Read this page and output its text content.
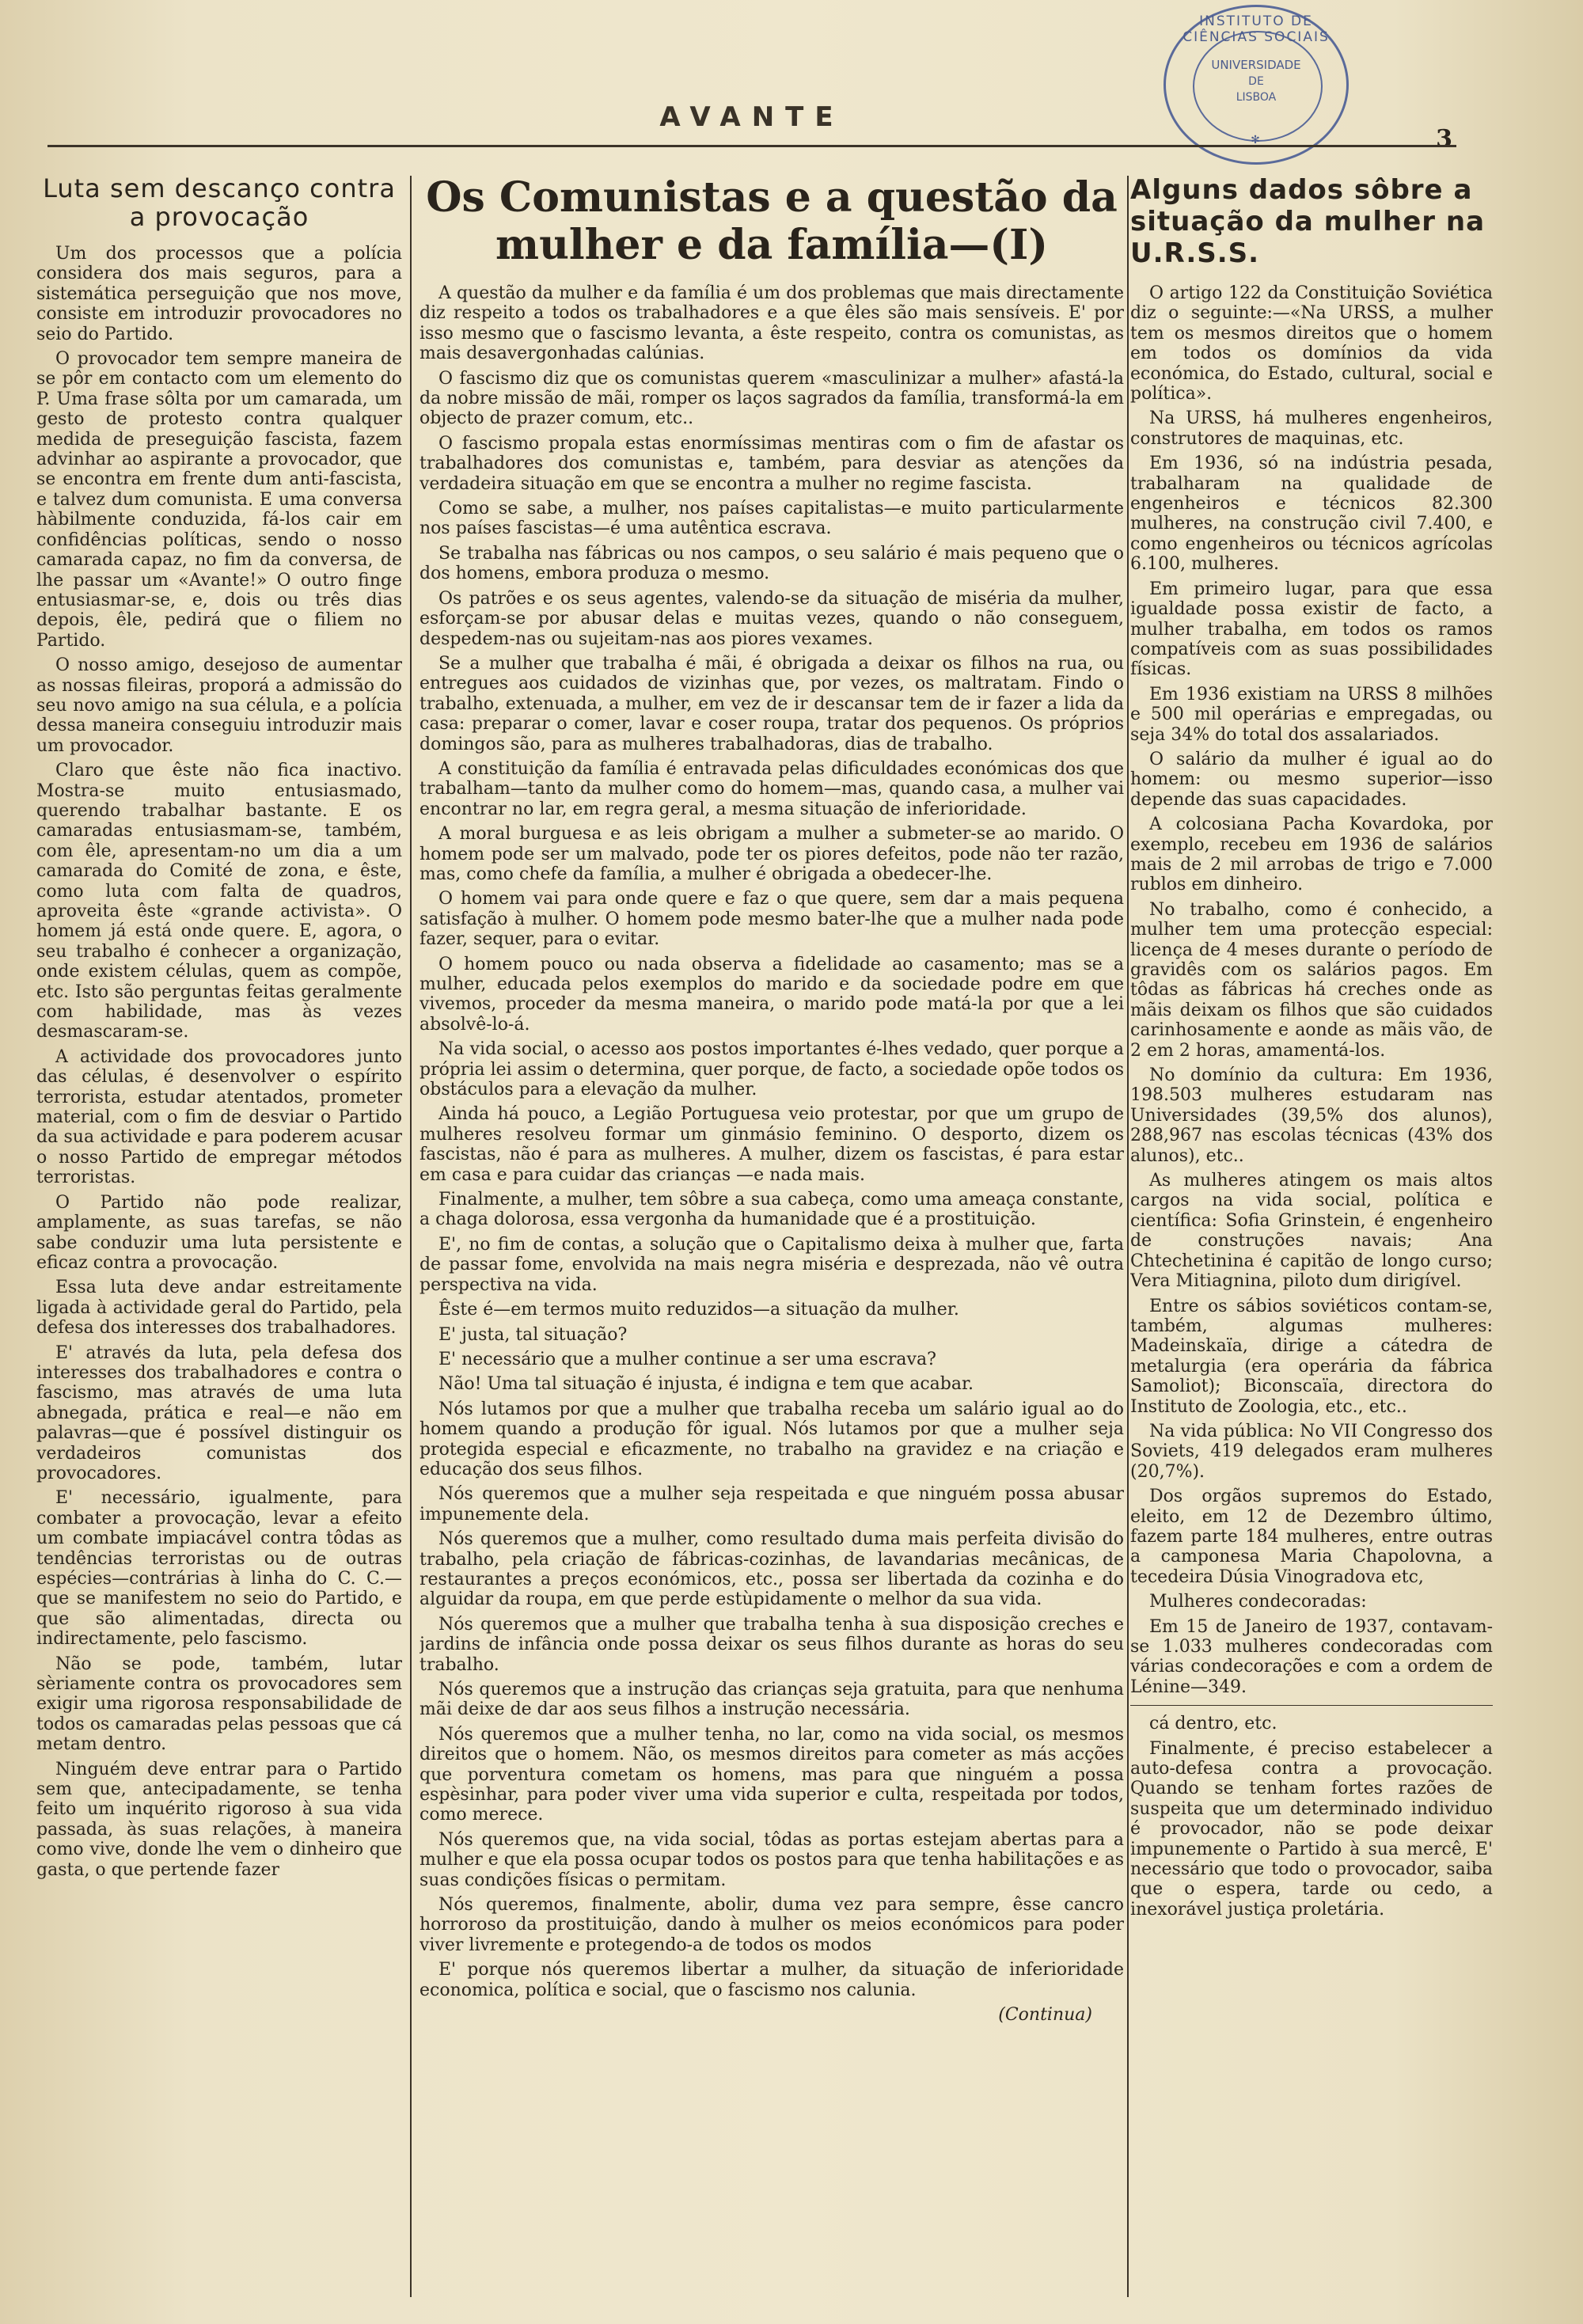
INSTITUTO DE CIÊNCIAS SOCIAIS
UNIVERSIDADE
DE
LISBOA
✻
AVANTE
3
Luta sem descanço contra a provocação

Um dos processos que a polícia considera dos mais seguros, para a sistemática perseguição que nos move, consiste em introduzir provocadores no seio do Partido.

O provocador tem sempre maneira de se pôr em contacto com um elemento do P. Uma frase sôlta por um camarada, um gesto de protesto contra qualquer medida de preseguição fascista, fazem advinhar ao aspirante a provocador, que se encontra em frente dum anti-fascista, e talvez dum comunista. E uma conversa hàbilmente conduzida, fá-los cair em confidências políticas, sendo o nosso camarada capaz, no fim da conversa, de lhe passar um «Avante!» O outro finge entusiasmar-se, e, dois ou três dias depois, êle, pedirá que o filiem no Partido.

O nosso amigo, desejoso de aumentar as nossas fileiras, proporá a admissão do seu novo amigo na sua célula, e a polícia dessa maneira conseguiu introduzir mais um provocador.

Claro que êste não fica inactivo. Mostra-se muito entusiasmado, querendo trabalhar bastante. E os camaradas entusiasmam-se, também, com êle, apresentam-no um dia a um camarada do Comité de zona, e êste, como luta com falta de quadros, aproveita êste «grande activista». O homem já está onde quere. E, agora, o seu trabalho é conhecer a organização, onde existem células, quem as compõe, etc. Isto são perguntas feitas geralmente com habilidade, mas às vezes desmascaram-se.

A actividade dos provocadores junto das células, é desenvolver o espírito terrorista, estudar atentados, prometer material, com o fim de desviar o Partido da sua actividade e para poderem acusar o nosso Partido de empregar métodos terroristas.

O Partido não pode realizar, amplamente, as suas tarefas, se não sabe conduzir uma luta persistente e eficaz contra a provocação.

Essa luta deve andar estreitamente ligada à actividade geral do Partido, pela defesa dos interesses dos trabalhadores.

E' através da luta, pela defesa dos interesses dos trabalhadores e contra o fascismo, mas através de uma luta abnegada, prática e real—e não em palavras—que é possível distinguir os verdadeiros comunistas dos provocadores.

E' necessário, igualmente, para combater a provocação, levar a efeito um combate impiacável contra tôdas as tendências terroristas ou de outras espécies—contrárias à linha do C. C.—que se manifestem no seio do Partido, e que são alimentadas, directa ou indirectamente, pelo fascismo.

Não se pode, também, lutar sèriamente contra os provocadores sem exigir uma rigorosa responsabilidade de todos os camaradas pelas pessoas que cá metam dentro.

Ninguém deve entrar para o Partido sem que, antecipadamente, se tenha feito um inquérito rigoroso à sua vida passada, às suas relações, à maneira como vive, donde lhe vem o dinheiro que gasta, o que pertende fazer

Os Comunistas e a questão da mulher e da família—(I)

A questão da mulher e da família é um dos problemas que mais directamente diz respeito a todos os trabalhadores e a que êles são mais sensíveis. E' por isso mesmo que o fascismo levanta, a êste respeito, contra os comunistas, as mais desavergonhadas calúnias.

O fascismo diz que os comunistas querem «masculinizar a mulher» afastá-la da nobre missão de mãi, romper os laços sagrados da família, transformá-la em objecto de prazer comum, etc..

O fascismo propala estas enormíssimas mentiras com o fim de afastar os trabalhadores dos comunistas e, também, para desviar as atenções da verdadeira situação em que se encontra a mulher no regime fascista.

Como se sabe, a mulher, nos países capitalistas—e muito particularmente nos países fascistas—é uma autêntica escrava.

Se trabalha nas fábricas ou nos campos, o seu salário é mais pequeno que o dos homens, embora produza o mesmo.

Os patrões e os seus agentes, valendo-se da situação de miséria da mulher, esforçam-se por abusar delas e muitas vezes, quando o não conseguem, despedem-nas ou sujeitam-nas aos piores vexames.

Se a mulher que trabalha é mãi, é obrigada a deixar os filhos na rua, ou entregues aos cuidados de vizinhas que, por vezes, os maltratam. Findo o trabalho, extenuada, a mulher, em vez de ir descansar tem de ir fazer a lida da casa: preparar o comer, lavar e coser roupa, tratar dos pequenos. Os próprios domingos são, para as mulheres trabalhadoras, dias de trabalho.

A constituição da família é entravada pelas dificuldades económicas dos que trabalham—tanto da mulher como do homem—mas, quando casa, a mulher vai encontrar no lar, em regra geral, a mesma situação de inferioridade.

A moral burguesa e as leis obrigam a mulher a submeter-se ao marido. O homem pode ser um malvado, pode ter os piores defeitos, pode não ter razão, mas, como chefe da família, a mulher é obrigada a obedecer-lhe.

O homem vai para onde quere e faz o que quere, sem dar a mais pequena satisfação à mulher. O homem pode mesmo bater-lhe que a mulher nada pode fazer, sequer, para o evitar.

O homem pouco ou nada observa a fidelidade ao casamento; mas se a mulher, educada pelos exemplos do marido e da sociedade podre em que vivemos, proceder da mesma maneira, o marido pode matá-la por que a lei absolvê-lo-á.

Na vida social, o acesso aos postos importantes é-lhes vedado, quer porque a própria lei assim o determina, quer porque, de facto, a sociedade opõe todos os obstáculos para a elevação da mulher.

Ainda há pouco, a Legião Portuguesa veio protestar, por que um grupo de mulheres resolveu formar um ginmásio feminino. O desporto, dizem os fascistas, não é para as mulheres. A mulher, dizem os fascistas, é para estar em casa e para cuidar das crianças —e nada mais.

Finalmente, a mulher, tem sôbre a sua cabeça, como uma ameaça constante, a chaga dolorosa, essa vergonha da humanidade que é a prostituição.

E', no fim de contas, a solução que o Capitalismo deixa à mulher que, farta de passar fome, envolvida na mais negra miséria e desprezada, não vê outra perspectiva na vida.

Êste é—em termos muito reduzidos—a situação da mulher.

E' justa, tal situação?

E' necessário que a mulher continue a ser uma escrava?

Não! Uma tal situação é injusta, é indigna e tem que acabar.

Nós lutamos por que a mulher que trabalha receba um salário igual ao do homem quando a produção fôr igual. Nós lutamos por que a mulher seja protegida especial e eficazmente, no trabalho na gravidez e na criação e educação dos seus filhos.

Nós queremos que a mulher seja respeitada e que ninguém possa abusar impunemente dela.

Nós queremos que a mulher, como resultado duma mais perfeita divisão do trabalho, pela criação de fábricas-cozinhas, de lavandarias mecânicas, de restaurantes a preços económicos, etc., possa ser libertada da cozinha e do alguidar da roupa, em que perde estùpidamente o melhor da sua vida.

Nós queremos que a mulher que trabalha tenha à sua disposição creches e jardins de infância onde possa deixar os seus filhos durante as horas do seu trabalho.

Nós queremos que a instrução das crianças seja gratuita, para que nenhuma mãi deixe de dar aos seus filhos a instrução necessária.

Nós queremos que a mulher tenha, no lar, como na vida social, os mesmos direitos que o homem. Não, os mesmos direitos para cometer as más acções que porventura cometam os homens, mas para que ninguém a possa espèsinhar, para poder viver uma vida superior e culta, respeitada por todos, como merece.

Nós queremos que, na vida social, tôdas as portas estejam abertas para a mulher e que ela possa ocupar todos os postos para que tenha habilitações e as suas condições físicas o permitam.

Nós queremos, finalmente, abolir, duma vez para sempre, êsse cancro horroroso da prostituição, dando à mulher os meios económicos para poder viver livremente e protegendo-a de todos os modos

E' porque nós queremos libertar a mulher, da situação de inferioridade economica, política e social, que o fascismo nos calunia.

(Continua)
Alguns dados sôbre a situação da mulher na U.R.S.S.

O artigo 122 da Constituição Soviética diz o seguinte:—«Na URSS, a mulher tem os mesmos direitos que o homem em todos os domínios da vida económica, do Estado, cultural, social e política».

Na URSS, há mulheres engenheiros, construtores de maquinas, etc.

Em 1936, só na indústria pesada, trabalharam na qualidade de engenheiros e técnicos 82.300 mulheres, na construção civil 7.400, e como engenheiros ou técnicos agrícolas 6.100, mulheres.

Em primeiro lugar, para que essa igualdade possa existir de facto, a mulher trabalha, em todos os ramos compatíveis com as suas possibilidades físicas.

Em 1936 existiam na URSS 8 milhões e 500 mil operárias e empregadas, ou seja 34% do total dos assalariados.

O salário da mulher é igual ao do homem: ou mesmo superior—isso depende das suas capacidades.

A colcosiana Pacha Kovardoka, por exemplo, recebeu em 1936 de salários mais de 2 mil arrobas de trigo e 7.000 rublos em dinheiro.

No trabalho, como é conhecido, a mulher tem uma protecção especial: licença de 4 meses durante o período de gravidês com os salários pagos. Em tôdas as fábricas há creches onde as mãis deixam os filhos que são cuidados carinhosamente e aonde as mãis vão, de 2 em 2 horas, amamentá-los.

No domínio da cultura: Em 1936, 198.503 mulheres estudaram nas Universidades (39,5% dos alunos), 288,967 nas escolas técnicas (43% dos alunos), etc..

As mulheres atingem os mais altos cargos na vida social, política e científica: Sofia Grinstein, é engenheiro de construções navais; Ana Chtechetinina é capitão de longo curso; Vera Mitiagnina, piloto dum dirigível.

Entre os sábios soviéticos contam-se, também, algumas mulheres: Madeinskaïa, dirige a cátedra de metalurgia (era operária da fábrica Samoliot); Biconscaïa, directora do Instituto de Zoologia, etc., etc..

Na vida pública: No VII Congresso dos Soviets, 419 delegados eram mulheres (20,7%).

Dos orgãos supremos do Estado, eleito, em 12 de Dezembro último, fazem parte 184 mulheres, entre outras a camponesa Maria Chapolovna, a tecedeira Dúsia Vinogradova etc,

Mulheres condecoradas:

Em 15 de Janeiro de 1937, contavam-se 1.033 mulheres condecoradas com várias condecorações e com a ordem de Lénine—349.

cá dentro, etc.

Finalmente, é preciso estabelecer a auto-defesa contra a provocação. Quando se tenham fortes razões de suspeita que um determinado individuo é provocador, não se pode deixar impunemente o Partido à sua mercê, E' necessário que todo o provocador, saiba que o espera, tarde ou cedo, a inexorável justiça proletária.
